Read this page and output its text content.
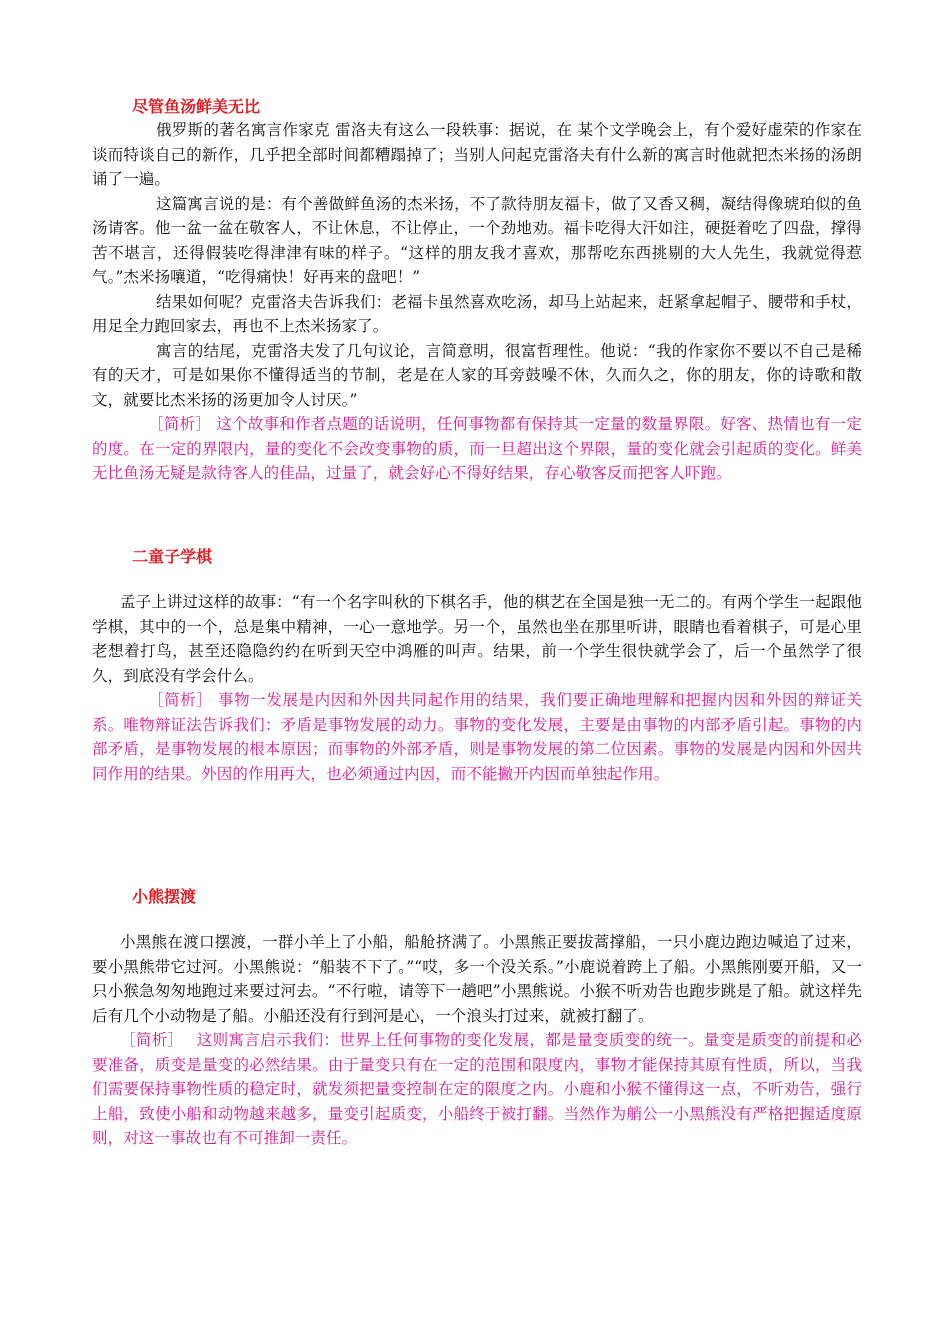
尽管鱼汤鲜美无比

俄罗斯的著名寓言作家克 雷洛夫有这么一段轶事：据说，在 某个文学晚会上，有个爱好虚荣的作家在谈而特谈自己的新作，几乎把全部时间都糟蹋掉了；当别人问起克雷洛夫有什么新的寓言时他就把杰米扬的汤朗诵了一遍。

这篇寓言说的是：有个善做鲜鱼汤的杰米扬，不了款待朋友福卡，做了又香又稠，凝结得像琥珀似的鱼汤请客。他一盆一盆在敬客人，不让休息，不让停止，一个劲地劝。福卡吃得大汗如注，硬挺着吃了四盘，撑得苦不堪言，还得假装吃得津津有味的样子。“这样的朋友我才喜欢，那帮吃东西挑剔的大人先生，我就觉得惹气。”杰米扬嚷道，“吃得痛快！好再来的盘吧！”

结果如何呢？克雷洛夫告诉我们：老福卡虽然喜欢吃汤，却马上站起来，赶紧拿起帽子、腰带和手杖，用足全力跑回家去，再也不上杰米扬家了。

寓言的结尾，克雷洛夫发了几句议论，言简意明，很富哲理性。他说：“我的作家你不要以不自己是稀有的天才，可是如果你不懂得适当的节制，老是在人家的耳旁鼓噪不休，久而久之，你的朋友，你的诗歌和散文，就要比杰米扬的汤更加令人讨厌。”

［简析］ 这个故事和作者点题的话说明，任何事物都有保持其一定量的数量界限。好客、热情也有一定的度。在一定的界限内，量的变化不会改变事物的质，而一旦超出这个界限，量的变化就会引起质的变化。鲜美无比鱼汤无疑是款待客人的佳品，过量了，就会好心不得好结果，存心敬客反而把客人吓跑。

二童子学棋

孟子上讲过这样的故事：“有一个名字叫秋的下棋名手，他的棋艺在全国是独一无二的。有两个学生一起跟他学棋，其中的一个，总是集中精神，一心一意地学。另一个，虽然也坐在那里听讲，眼睛也看着棋子，可是心里老想着打鸟，甚至还隐隐约约在听到天空中鸿雁的叫声。结果，前一个学生很快就学会了，后一个虽然学了很久，到底没有学会什么。

［简析］ 事物一发展是内因和外因共同起作用的结果，我们要正确地理解和把握内因和外因的辩证关系。唯物辩证法告诉我们：矛盾是事物发展的动力。事物的变化发展，主要是由事物的内部矛盾引起。事物的内部矛盾，是事物发展的根本原因；而事物的外部矛盾，则是事物发展的第二位因素。事物的发展是内因和外因共同作用的结果。外因的作用再大，也必须通过内因，而不能撇开内因而单独起作用。

小熊摆渡

小黑熊在渡口摆渡，一群小羊上了小船，船舱挤满了。小黑熊正要拔蒿撑船，一只小鹿边跑边喊追了过来，要小黑熊带它过河。小黑熊说：“船装不下了。”“哎，多一个没关系。”小鹿说着跨上了船。小黑熊刚要开船，又一只小猴急匆匆地跑过来要过河去。“不行啦，请等下一趟吧”小黑熊说。小猴不听劝告也跑步跳是了船。就这样先后有几个小动物是了船。小船还没有行到河是心，一个浪头打过来，就被打翻了。

［简析］　 这则寓言启示我们：世界上任何事物的变化发展，都是量变质变的统一。量变是质变的前提和必要准备，质变是量变的必然结果。由于量变只有在一定的范围和限度内，事物才能保持其原有性质，所以，当我们需要保持事物性质的稳定时，就发须把量变控制在定的限度之内。小鹿和小猴不懂得这一点，不听劝告，强行上船，致使小船和动物越来越多，量变引起质变，小船终于被打翻。当然作为艄公一小黑熊没有严格把握适度原则，对这一事故也有不可推卸一责任。
